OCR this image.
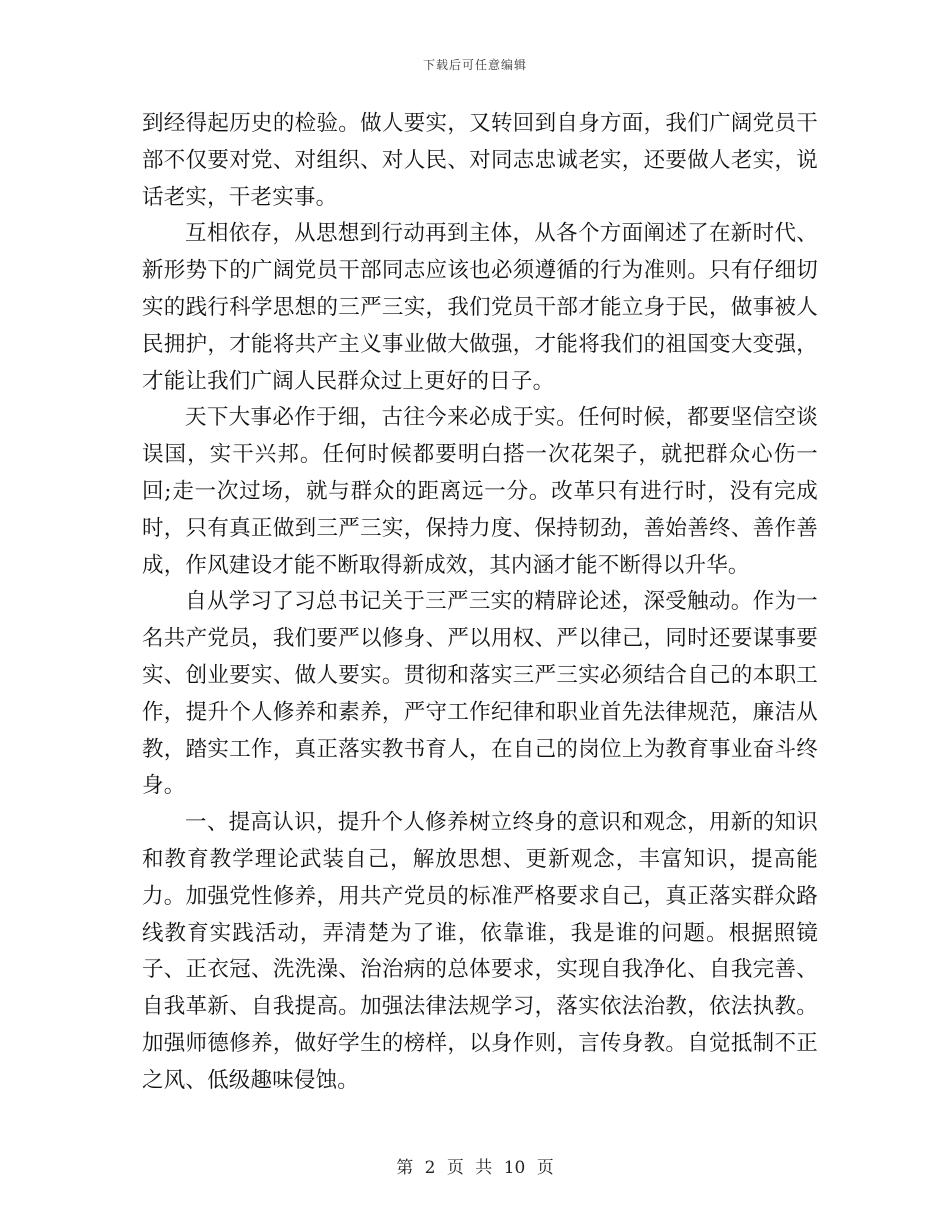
下载后可任意编辑

到经得起历史的检验。做人要实，又转回到自身方面，我们广阔党员干部不仅要对党、对组织、对人民、对同志忠诚老实，还要做人老实，说话老实，干老实事。

互相依存，从思想到行动再到主体，从各个方面阐述了在新时代、新形势下的广阔党员干部同志应该也必须遵循的行为准则。只有仔细切实的践行科学思想的三严三实，我们党员干部才能立身于民，做事被人民拥护，才能将共产主义事业做大做强，才能将我们的祖国变大变强，才能让我们广阔人民群众过上更好的日子。

天下大事必作于细，古往今来必成于实。任何时候，都要坚信空谈误国，实干兴邦。任何时候都要明白搭一次花架子，就把群众心伤一回;走一次过场，就与群众的距离远一分。改革只有进行时，没有完成时，只有真正做到三严三实，保持力度、保持韧劲，善始善终、善作善成，作风建设才能不断取得新成效，其内涵才能不断得以升华。

自从学习了习总书记关于三严三实的精辟论述，深受触动。作为一名共产党员，我们要严以修身、严以用权、严以律己，同时还要谋事要实、创业要实、做人要实。贯彻和落实三严三实必须结合自己的本职工作，提升个人修养和素养，严守工作纪律和职业首先法律规范，廉洁从教，踏实工作，真正落实教书育人，在自己的岗位上为教育事业奋斗终身。

一、提高认识，提升个人修养树立终身的意识和观念，用新的知识和教育教学理论武装自己，解放思想、更新观念，丰富知识，提高能力。加强党性修养，用共产党员的标准严格要求自己，真正落实群众路线教育实践活动，弄清楚为了谁，依靠谁，我是谁的问题。根据照镜子、正衣冠、洗洗澡、治治病的总体要求，实现自我净化、自我完善、自我革新、自我提高。加强法律法规学习，落实依法治教，依法执教。加强师德修养，做好学生的榜样，以身作则，言传身教。自觉抵制不正之风、低级趣味侵蚀。

第 2 页 共 10 页
